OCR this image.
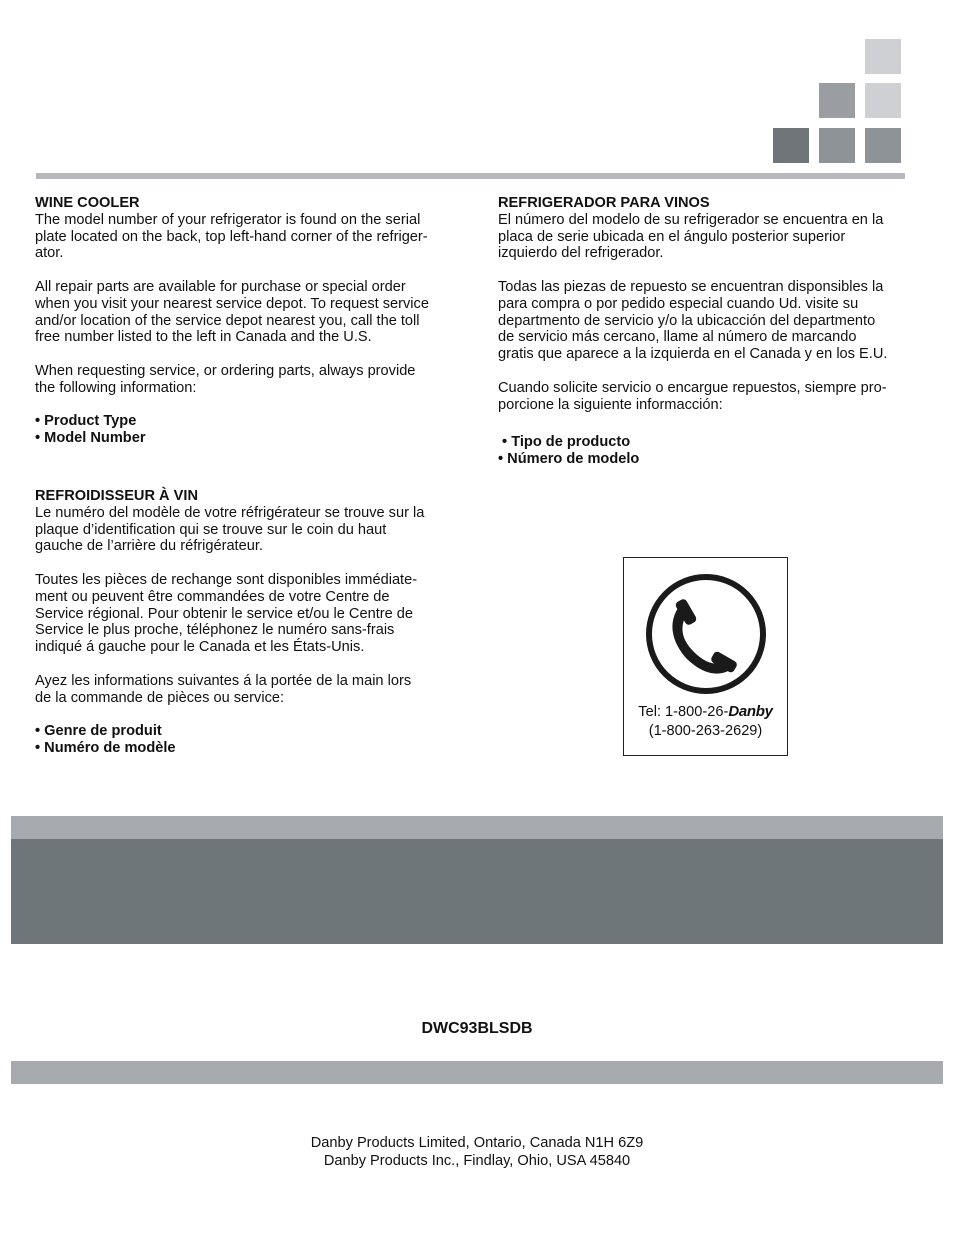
WINE COOLER

The model number of your refrigerator is found on the serial

plate located on the back, top left-hand corner of the refriger-

ator.

All repair parts are available for purchase or special order

when you visit your nearest service depot. To request service

and/or location of the service depot nearest you, call the toll

free number listed to the left in Canada and the U.S.

When requesting service, or ordering parts, always provide

the following information:

• Product Type

• Model Number

REFROIDISSEUR À VIN

Le numéro del modèle de votre réfrigérateur se trouve sur la

plaque d’identification qui se trouve sur le coin du haut

gauche de l’arrière du réfrigérateur.

Toutes les pièces de rechange sont disponibles immédiate-

ment ou peuvent être commandées de votre Centre de

Service régional. Pour obtenir le service et/ou le Centre de

Service le plus proche, téléphonez le numéro sans-frais

indiqué á gauche pour le Canada et les États-Unis.

Ayez les informations suivantes á la portée de la main lors

de la commande de pièces ou service:

• Genre de produit

• Numéro de modèle

REFRIGERADOR PARA VINOS

El número del modelo de su refrigerador se encuentra en la

placa de serie ubicada en el ángulo posterior superior

izquierdo del refrigerador.

Todas las piezas de repuesto se encuentran disponsibles la

para compra o por pedido especial cuando Ud. visite su

departmento de servicio y/o la ubicacción del departmento

de servicio más cercano, llame al número de marcando

gratis que aparece a la izquierda en el Canada y en los E.U.

Cuando solicite servicio o encargue repuestos, siempre pro-

porcione la siguiente informacción:

• Tipo de producto

• Número de modelo

Tel: 1-800-26-Danby
(1-800-263-2629)
DWC93BLSDB
Danby Products Limited, Ontario, Canada N1H 6Z9
Danby Products Inc., Findlay, Ohio, USA 45840
